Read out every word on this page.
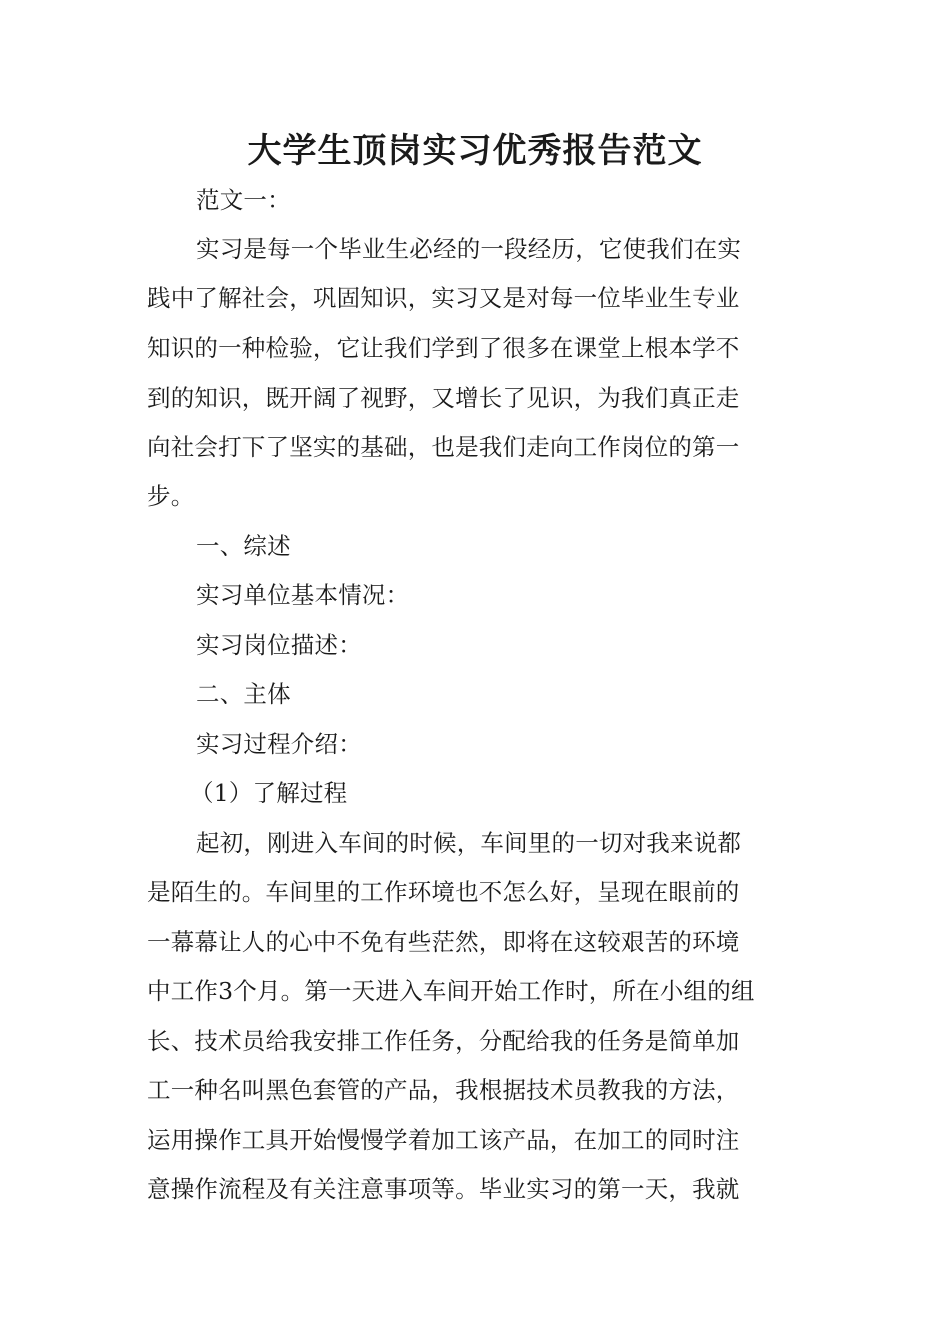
大学生顶岗实习优秀报告范文

范文一：

实习是每一个毕业生必经的一段经历，它使我们在实

践中了解社会，巩固知识，实习又是对每一位毕业生专业

知识的一种检验，它让我们学到了很多在课堂上根本学不

到的知识，既开阔了视野，又增长了见识，为我们真正走

向社会打下了坚实的基础，也是我们走向工作岗位的第一

步。

一、综述

实习单位基本情况：

实习岗位描述：

二、主体

实习过程介绍：

（1）了解过程

起初，刚进入车间的时候，车间里的一切对我来说都

是陌生的。车间里的工作环境也不怎么好，呈现在眼前的

一幕幕让人的心中不免有些茫然，即将在这较艰苦的环境

中工作3个月。第一天进入车间开始工作时，所在小组的组

长、技术员给我安排工作任务，分配给我的任务是简单加

工一种名叫黑色套管的产品，我根据技术员教我的方法，

运用操作工具开始慢慢学着加工该产品，在加工的同时注

意操作流程及有关注意事项等。毕业实习的第一天，我就
